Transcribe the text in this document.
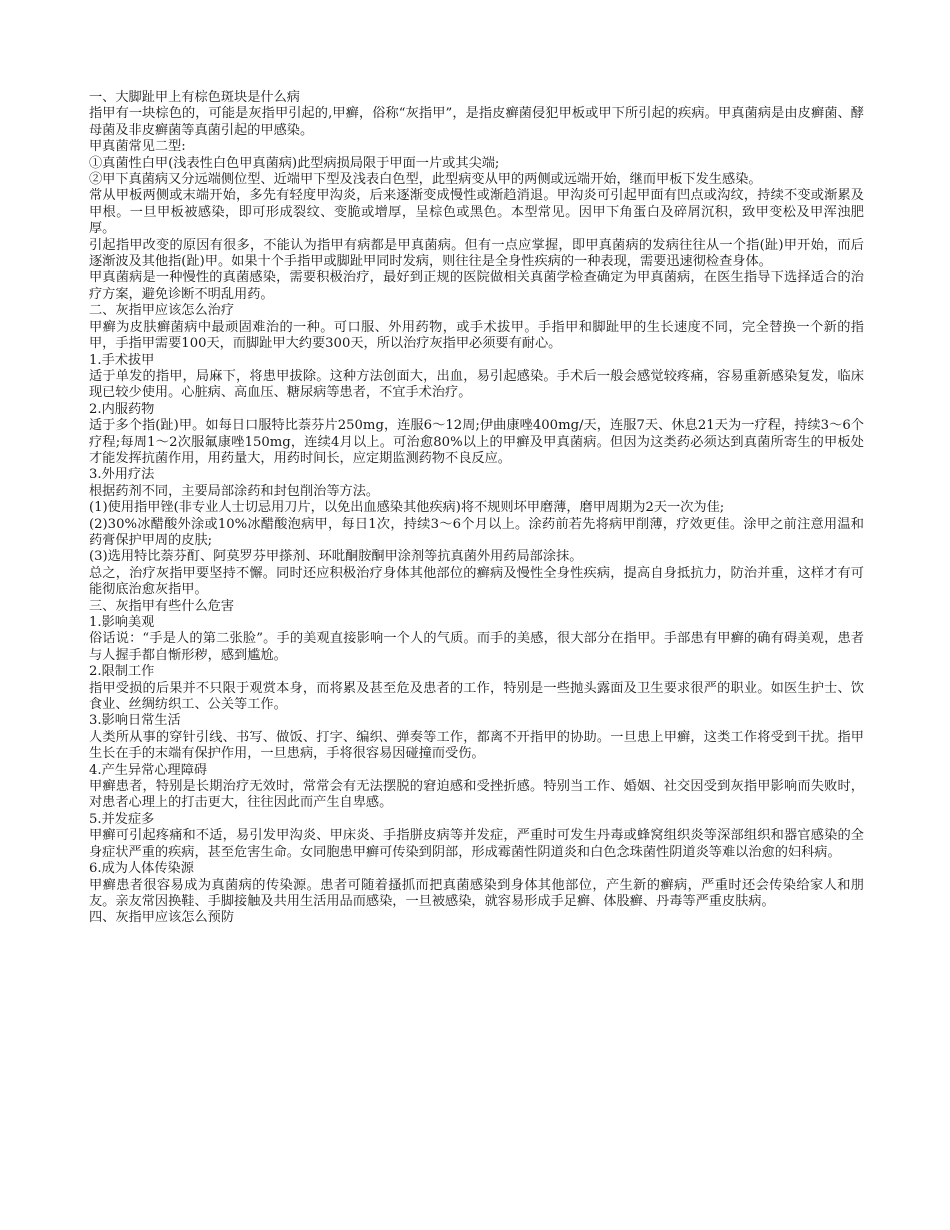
一、大脚趾甲上有棕色斑块是什么病

指甲有一块棕色的，可能是灰指甲引起的,甲癣，俗称“灰指甲”，是指皮癣菌侵犯甲板或甲下所引起的疾病。甲真菌病是由皮癣菌、酵母菌及非皮癣菌等真菌引起的甲感染。

甲真菌常见二型:

①真菌性白甲(浅表性白色甲真菌病)此型病损局限于甲面一片或其尖端;

②甲下真菌病又分远端侧位型、近端甲下型及浅表白色型，此型病变从甲的两侧或远端开始，继而甲板下发生感染。

常从甲板两侧或末端开始，多先有轻度甲沟炎，后来逐渐变成慢性或渐趋消退。甲沟炎可引起甲面有凹点或沟纹，持续不变或渐累及甲根。一旦甲板被感染，即可形成裂纹、变脆或增厚，呈棕色或黑色。本型常见。因甲下角蛋白及碎屑沉积，致甲变松及甲浑浊肥厚。

引起指甲改变的原因有很多，不能认为指甲有病都是甲真菌病。但有一点应掌握，即甲真菌病的发病往往从一个指(趾)甲开始，而后逐渐波及其他指(趾)甲。如果十个手指甲或脚趾甲同时发病，则往往是全身性疾病的一种表现，需要迅速彻检查身体。

甲真菌病是一种慢性的真菌感染，需要积极治疗，最好到正规的医院做相关真菌学检查确定为甲真菌病，在医生指导下选择适合的治疗方案，避免诊断不明乱用药。

二、灰指甲应该怎么治疗

甲癣为皮肤癣菌病中最顽固难治的一种。可口服、外用药物，或手术拔甲。手指甲和脚趾甲的生长速度不同，完全替换一个新的指甲，手指甲需要100天，而脚趾甲大约要300天，所以治疗灰指甲必须要有耐心。

1.手术拔甲

适于单发的指甲，局麻下，将患甲拔除。这种方法创面大，出血，易引起感染。手术后一般会感觉较疼痛，容易重新感染复发，临床现已较少使用。心脏病、高血压、糖尿病等患者，不宜手术治疗。

2.内服药物

适于多个指(趾)甲。如每日口服特比萘芬片250mg，连服6～12周;伊曲康唑400mg/天，连服7天、休息21天为一疗程，持续3～6个疗程;每周1～2次服氟康唑150mg，连续4月以上。可治愈80%以上的甲癣及甲真菌病。但因为这类药必须达到真菌所寄生的甲板处才能发挥抗菌作用，用药量大，用药时间长，应定期监测药物不良反应。

3.外用疗法

根据药剂不同，主要局部涂药和封包削治等方法。

(1)使用指甲锉(非专业人士切忌用刀片，以免出血感染其他疾病)将不规则坏甲磨薄，磨甲周期为2天一次为佳;

(2)30%冰醋酸外涂或10%冰醋酸泡病甲，每日1次，持续3～6个月以上。涂药前若先将病甲削薄，疗效更佳。涂甲之前注意用温和药膏保护甲周的皮肤;

(3)选用特比萘芬酊、阿莫罗芬甲搽剂、环吡酮胺酮甲涂剂等抗真菌外用药局部涂抹。

总之，治疗灰指甲要坚持不懈。同时还应积极治疗身体其他部位的癣病及慢性全身性疾病，提高自身抵抗力，防治并重，这样才有可能彻底治愈灰指甲。

三、灰指甲有些什么危害

1.影响美观

俗话说：“手是人的第二张脸”。手的美观直接影响一个人的气质。而手的美感，很大部分在指甲。手部患有甲癣的确有碍美观，患者与人握手都自惭形秽，感到尴尬。

2.限制工作

指甲受损的后果并不只限于观赏本身，而将累及甚至危及患者的工作，特别是一些抛头露面及卫生要求很严的职业。如医生护士、饮食业、丝绸纺织工、公关等工作。

3.影响日常生活

人类所从事的穿针引线、书写、做饭、打字、编织、弹奏等工作，都离不开指甲的协助。一旦患上甲癣，这类工作将受到干扰。指甲生长在手的末端有保护作用，一旦患病，手将很容易因碰撞而受伤。

4.产生异常心理障碍

甲癣患者，特别是长期治疗无效时，常常会有无法摆脱的窘迫感和受挫折感。特别当工作、婚姻、社交因受到灰指甲影响而失败时，对患者心理上的打击更大，往往因此而产生自卑感。

5.并发症多

甲癣可引起疼痛和不适，易引发甲沟炎、甲床炎、手指胼皮病等并发症，严重时可发生丹毒或蜂窝组织炎等深部组织和器官感染的全身症状严重的疾病，甚至危害生命。女同胞患甲癣可传染到阴部，形成霉菌性阴道炎和白色念珠菌性阴道炎等难以治愈的妇科病。

6.成为人体传染源

甲癣患者很容易成为真菌病的传染源。患者可随着搔抓而把真菌感染到身体其他部位，产生新的癣病，严重时还会传染给家人和朋友。亲友常因换鞋、手脚接触及共用生活用品而感染，一旦被感染，就容易形成手足癣、体股癣、丹毒等严重皮肤病。

四、灰指甲应该怎么预防
